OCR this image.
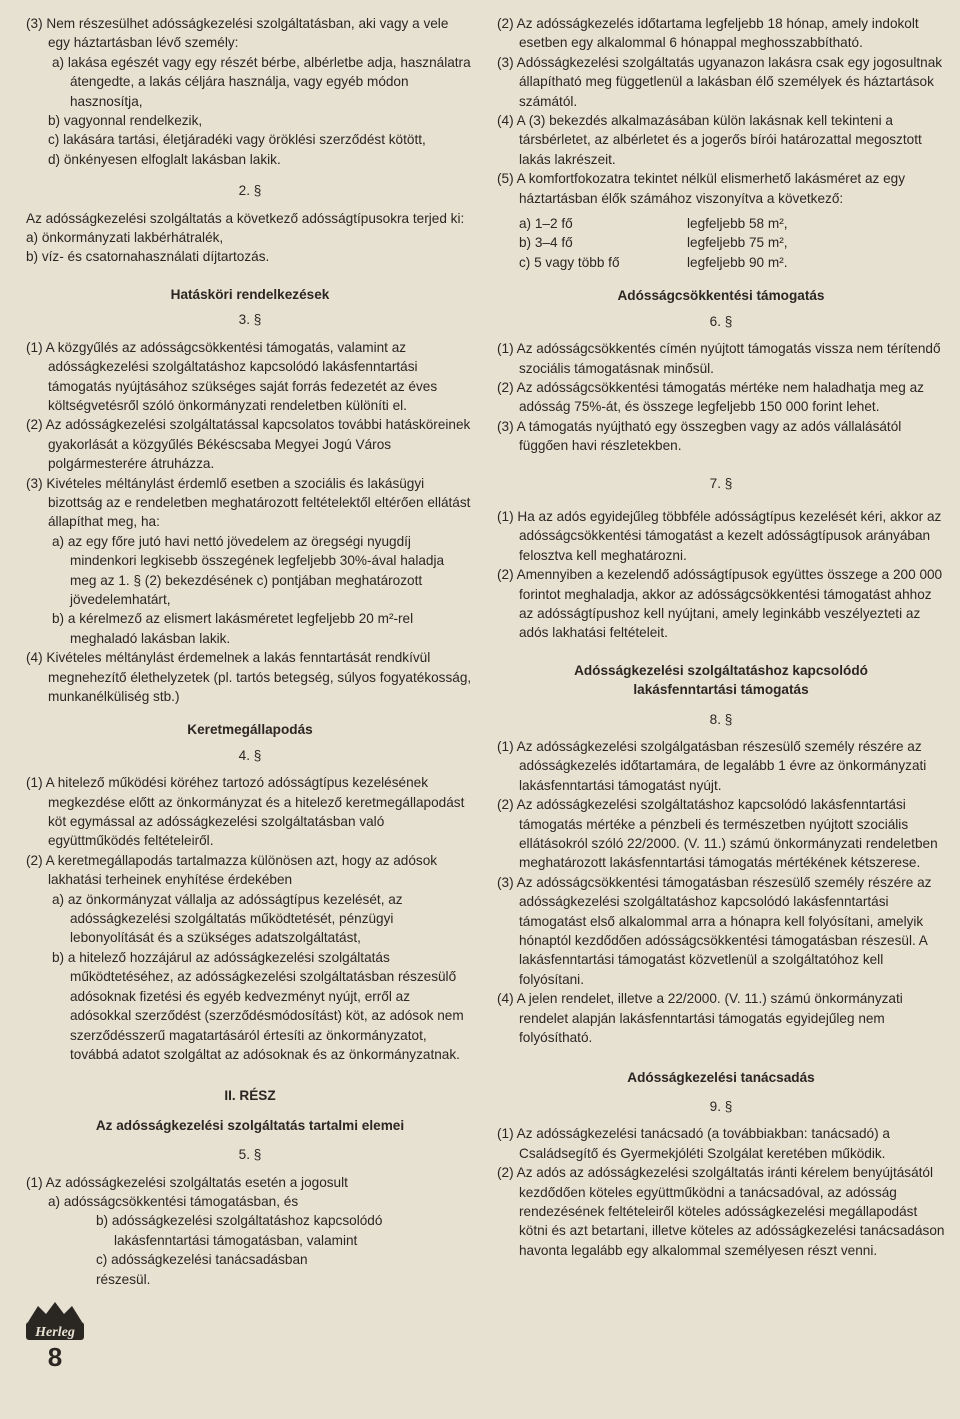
(3) Nem részesülhet adósságkezelési szolgáltatásban, aki vagy a vele egy háztartásban lévő személy:

a) lakása egészét vagy egy részét bérbe, albérletbe adja, használatra átengedte, a lakás céljára használja, vagy egyéb módon hasznosítja,

b) vagyonnal rendelkezik,

c) lakására tartási, életjáradéki vagy öröklési szerződést kötött,

d) önkényesen elfoglalt lakásban lakik.

2. §

Az adósságkezelési szolgáltatás a következő adósságtípusokra terjed ki:

a) önkormányzati lakbérhátralék,

b) víz- és csatornahasználati díjtartozás.

Hatásköri rendelkezések

3. §

(1) A közgyűlés az adósságcsökkentési támogatás, valamint az adósságkezelési szolgáltatáshoz kapcsolódó lakásfenntartási támogatás nyújtásához szükséges saját forrás fedezetét az éves költségvetésről szóló önkormányzati rendeletben különíti el.

(2) Az adósságkezelési szolgáltatással kapcsolatos további hatásköreinek gyakorlását a közgyűlés Békéscsaba Megyei Jogú Város polgármesterére átruházza.

(3) Kivételes méltánylást érdemlő esetben a szociális és lakásügyi bizottság az e rendeletben meghatározott feltételektől eltérően ellátást állapíthat meg, ha:

a) az egy főre jutó havi nettó jövedelem az öregségi nyugdíj mindenkori legkisebb összegének legfeljebb 30%-ával haladja meg az 1. § (2) bekezdésének c) pontjában meghatározott jövedelemhatárt,

b) a kérelmező az elismert lakásméretet legfeljebb 20 m²-rel meghaladó lakásban lakik.

(4) Kivételes méltánylást érdemelnek a lakás fenntartását rendkívül megnehezítő élethelyzetek (pl. tartós betegség, súlyos fogyatékosság, munkanélküliség stb.)

Keretmegállapodás

4. §

(1) A hitelező működési köréhez tartozó adósságtípus kezelésének megkezdése előtt az önkormányzat és a hitelező keretmegállapodást köt egymással az adósságkezelési szolgáltatásban való együttműködés feltételeiről.

(2) A keretmegállapodás tartalmazza különösen azt, hogy az adósok lakhatási terheinek enyhítése érdekében

a) az önkormányzat vállalja az adósságtípus kezelését, az adósságkezelési szolgáltatás működtetését, pénzügyi lebonyolítását és a szükséges adatszolgáltatást,

b) a hitelező hozzájárul az adósságkezelési szolgáltatás működtetéséhez, az adósságkezelési szolgáltatásban részesülő adósoknak fizetési és egyéb kedvezményt nyújt, erről az adósokkal szerződést (szerződésmódosítást) köt, az adósok nem szerződésszerű magatartásáról értesíti az önkormányzatot, továbbá adatot szolgáltat az adósoknak és az önkormányzatnak.

II. RÉSZ

Az adósságkezelési szolgáltatás tartalmi elemei

5. §

(1) Az adósságkezelési szolgáltatás esetén a jogosult

a) adósságcsökkentési támogatásban, és

b) adósságkezelési szolgáltatáshoz kapcsolódó lakásfenntartási támogatásban, valamint

c) adósságkezelési tanácsadásban

részesül.

Herleg
8

(2) Az adósságkezelés időtartama legfeljebb 18 hónap, amely indokolt esetben egy alkalommal 6 hónappal meghosszabbítható.

(3) Adósságkezelési szolgáltatás ugyanazon lakásra csak egy jogosultnak állapítható meg függetlenül a lakásban élő személyek és háztartások számától.

(4) A (3) bekezdés alkalmazásában külön lakásnak kell tekinteni a társbérletet, az albérletet és a jogerős bírói határozattal megosztott lakás lakrészeit.

(5) A komfortfokozatra tekintet nélkül elismerhető lakásméret az egy háztartásban élők számához viszonyítva a következő:

a) 1–2 fő	legfeljebb 58 m²,
b) 3–4 fő	legfeljebb 75 m²,
c) 5 vagy több fő	legfeljebb 90 m².

Adósságcsökkentési támogatás

6. §

(1) Az adósságcsökkentés címén nyújtott támogatás vissza nem térítendő szociális támogatásnak minősül.

(2) Az adósságcsökkentési támogatás mértéke nem haladhatja meg az adósság 75%-át, és összege legfeljebb 150 000 forint lehet.

(3) A támogatás nyújtható egy összegben vagy az adós vállalásától függően havi részletekben.

7. §

(1) Ha az adós egyidejűleg többféle adósságtípus kezelését kéri, akkor az adósságcsökkentési támogatást a kezelt adósságtípusok arányában felosztva kell meghatározni.

(2) Amennyiben a kezelendő adósságtípusok együttes összege a 200 000 forintot meghaladja, akkor az adósságcsökkentési támogatást ahhoz az adósságtípushoz kell nyújtani, amely leginkább veszélyezteti az adós lakhatási feltételeit.

Adósságkezelési szolgáltatáshoz kapcsolódó

lakásfenntartási támogatás

8. §

(1) Az adósságkezelési szolgálgatásban részesülő személy részére az adósságkezelés időtartamára, de legalább 1 évre az önkormányzati lakásfenntartási támogatást nyújt.

(2) Az adósságkezelési szolgáltatáshoz kapcsolódó lakásfenntartási támogatás mértéke a pénzbeli és természetben nyújtott szociális ellátásokról szóló 22/2000. (V. 11.) számú önkormányzati rendeletben meghatározott lakásfenntartási támogatás mértékének kétszerese.

(3) Az adósságcsökkentési támogatásban részesülő személy részére az adósságkezelési szolgáltatáshoz kapcsolódó lakásfenntartási támogatást első alkalommal arra a hónapra kell folyósítani, amelyik hónaptól kezdődően adósságcsökkentési támogatásban részesül. A lakásfenntartási támogatást közvetlenül a szolgáltatóhoz kell folyósítani.

(4) A jelen rendelet, illetve a 22/2000. (V. 11.) számú önkormányzati rendelet alapján lakásfenntartási támogatás egyidejűleg nem folyósítható.

Adósságkezelési tanácsadás

9. §

(1) Az adósságkezelési tanácsadó (a továbbiakban: tanácsadó) a Családsegítő és Gyermekjóléti Szolgálat keretében működik.

(2) Az adós az adósságkezelési szolgáltatás iránti kérelem benyújtásától kezdődően köteles együttműködni a tanácsadóval, az adósság rendezésének feltételeiről köteles adósságkezelési megállapodást kötni és azt betartani, illetve köteles az adósságkezelési tanácsadáson havonta legalább egy alkalommal személyesen részt venni.
